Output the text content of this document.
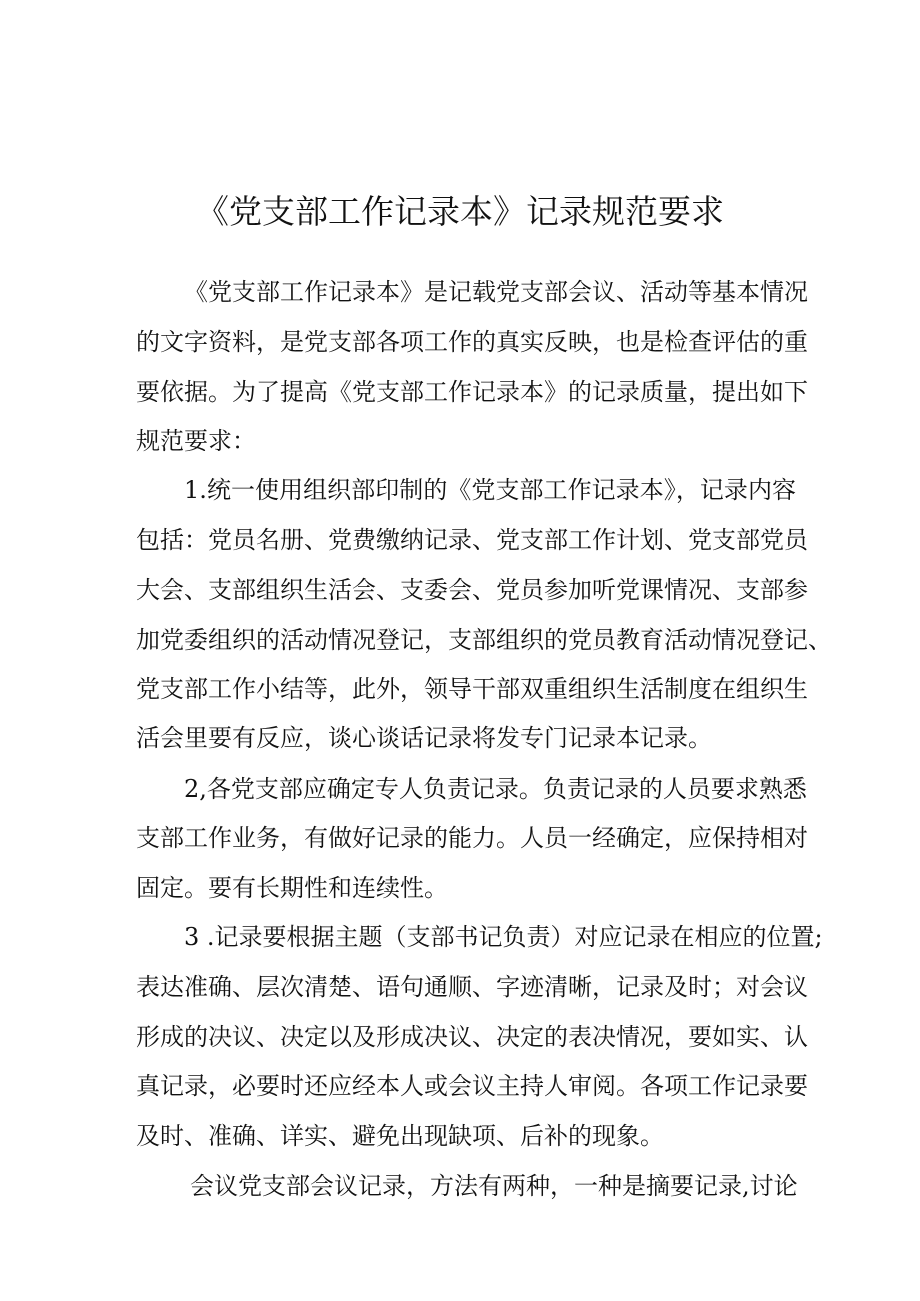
《党支部工作记录本》记录规范要求

《党支部工作记录本》是记载党支部会议、活动等基本情况

的文字资料，是党支部各项工作的真实反映，也是检查评估的重

要依据。为了提高《党支部工作记录本》的记录质量，提出如下

规范要求：

1.统一使用组织部印制的《党支部工作记录本》，记录内容

包括：党员名册、党费缴纳记录、党支部工作计划、党支部党员

大会、支部组织生活会、支委会、党员参加听党课情况、支部参

加党委组织的活动情况登记，支部组织的党员教育活动情况登记、

党支部工作小结等，此外，领导干部双重组织生活制度在组织生

活会里要有反应，谈心谈话记录将发专门记录本记录。

2,各党支部应确定专人负责记录。负责记录的人员要求熟悉

支部工作业务，有做好记录的能力。人员一经确定，应保持相对

固定。要有长期性和连续性。

3 .记录要根据主题（支部书记负责）对应记录在相应的位置;

表达准确、层次清楚、语句通顺、字迹清晰，记录及时；对会议

形成的决议、决定以及形成决议、决定的表决情况，要如实、认

真记录，必要时还应经本人或会议主持人审阅。各项工作记录要

及时、准确、详实、避免出现缺项、后补的现象。

会议党支部会议记录，方法有两种，一种是摘要记录,讨论
